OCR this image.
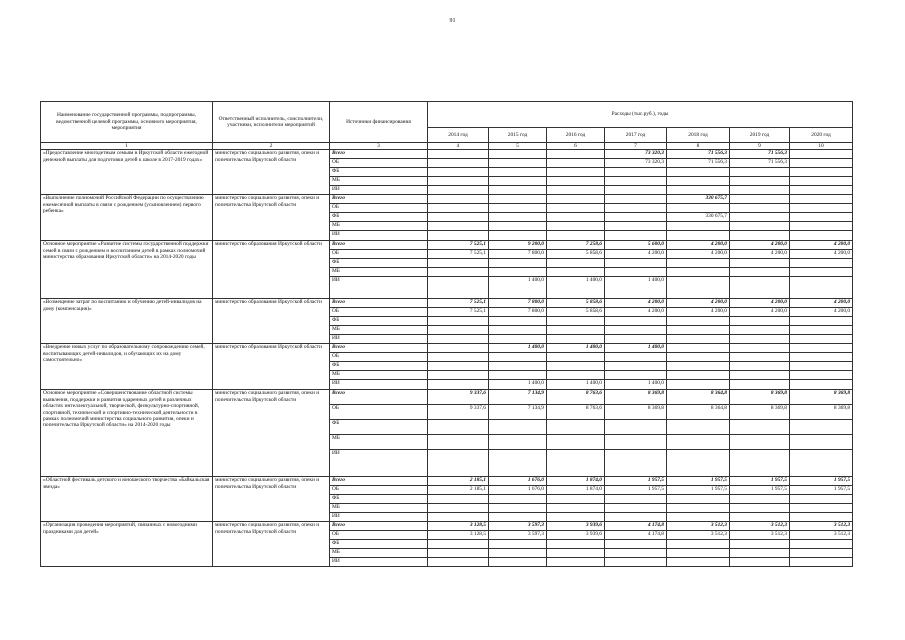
91
Наименование государственной программы, подпрограммы, ведомственной целевой программы, основного мероприятия, мероприятия	Ответственный исполнитель, соисполнители, участники, исполнители мероприятий	Источники финансирования	Расходы (тыс.руб.), годы						
			2014 год	2015 год	2016 год	2017 год	2018 год	2019 год	2020 год
1	2	3	4	5	6	7	8	9	10
«Предоставление многодетным семьям в Иркутской области ежегодной денежной выплаты для подготовки детей к школе в 2017-2019 годах»	министерство социального развития, опеки и попечительства Иркутской области	Всего				73 320,3	71 556,3	71 556,3	
		ОБ				73 320,3	71 556,3	71 556,3	
		ФБ							
		МБ							
		ИИ							
«Выполнение полномочий Российской Федерации по осуществлению ежемесячной выплаты в связи с рождением (усыновлением) первого ребенка»	министерство социального развития, опеки и попечительства Иркутской области	Всего					330 675,7		
		ОБ							
		ФБ					330 675,7		
		МБ							
		ИИ							
Основное мероприятие «Развитие системы государственной поддержки семей в связи с рождением и воспитанием детей в рамках полномочий министерства образования Иркутской области» на 2014-2020 годы	министерство образования Иркутской области	Всего	7 525,1	9 200,0	7 258,6	5 600,0	4 200,0	4 200,0	4 200,0
		ОБ	7 525,1	7 800,0	5 858,6	4 200,0	4 200,0	4 200,0	4 200,0
		ФБ							
		МБ							
		ИИ		1 400,0	1 400,0	1 400,0			
«Возмещение затрат по воспитанию и обучению детей-инвалидов на дому (компенсация)»	министерство образования Иркутской области	Всего	7 525,1	7 800,0	5 858,6	4 200,0	4 200,0	4 200,0	4 200,0
		ОБ	7 525,1	7 800,0	5 858,6	4 200,0	4 200,0	4 200,0	4 200,0
		ФБ							
		МБ							
		ИИ							
«Внедрение новых услуг по образовательному сопровождению семей, воспитывающих детей-инвалидов, и обучающих их на дому самостоятельно»	министерство образования Иркутской области	Всего		1 400,0	1 400,0	1 400,0			
		ОБ							
		ФБ							
		МБ							
		ИИ		1 400,0	1 400,0	1 400,0			
Основное мероприятие «Совершенствование областной системы выявления, поддержки и развития одаренных детей в различных областях интеллектуальной, творческой, физкультурно-спортивной, спортивной, технической и спортивно-технической деятельности в рамках полномочий министерства социального развития, опеки и попечительства Иркутской области» на 2014-2020 годы	министерство социального развития, опеки и попечительства Иркутской области	Всего	9 337,6	7 134,9	8 763,6	8 369,8	8 364,8	8 369,8	8 369,8
		ОБ	9 337,6	7 134,9	8 763,6	8 369,8	8 364,8	8 369,8	8 369,8
		ФБ							
		МБ							
		ИИ							
«Областной фестиваль детского и юношеского творчества «Байкальская звезда»	министерство социального развития, опеки и попечительства Иркутской области	Всего	2 185,1	1 676,0	1 874,0	1 957,5	1 957,5	1 957,5	1 957,5
		ОБ	2 185,1	1 676,0	1 874,0	1 957,5	1 957,5	1 957,5	1 957,5
		ФБ							
		МБ							
		ИИ							
«Организация проведения мероприятий, связанных с новогодними праздниками для детей»	министерство социального развития, опеки и попечительства Иркутской области	Всего	3 128,5	3 597,3	3 939,6	4 174,8	3 512,3	3 512,3	3 512,3
		ОБ	3 128,5	3 597,3	3 939,6	4 174,8	3 512,3	3 512,3	3 512,3
		ФБ							
		МБ							
		ИИ							
